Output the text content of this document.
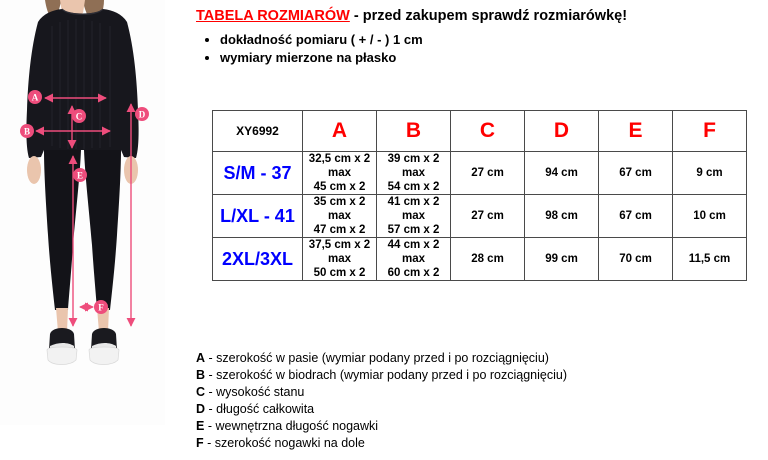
A
B
C	D
E
F
TABELA ROZMIARÓW - przed zakupem sprawdź rozmiarówkę!
• dokładność pomiaru ( + / - ) 1 cm
• wymiary mierzone na płasko
XY6992	A	B	C	D	E	F
S/M - 37	32,5 cm x 2
max
45 cm x 2	39 cm x 2
max
54 cm x 2	27 cm	94 cm	67 cm	9 cm
L/XL - 41	35 cm x 2
max
47 cm x 2	41 cm x 2
max
57 cm x 2	27 cm	98 cm	67 cm	10 cm
2XL/3XL	37,5 cm x 2
max
50 cm x 2	44 cm x 2
max
60 cm x 2	28 cm	99 cm	70 cm	11,5 cm
A - szerokość w pasie (wymiar podany przed i po rozciągnięciu)
B - szerokość w biodrach (wymiar podany przed i po rozciągnięciu)
C - wysokość stanu
D - długość całkowita
E - wewnętrzna długość nogawki
F - szerokość nogawki na dole
